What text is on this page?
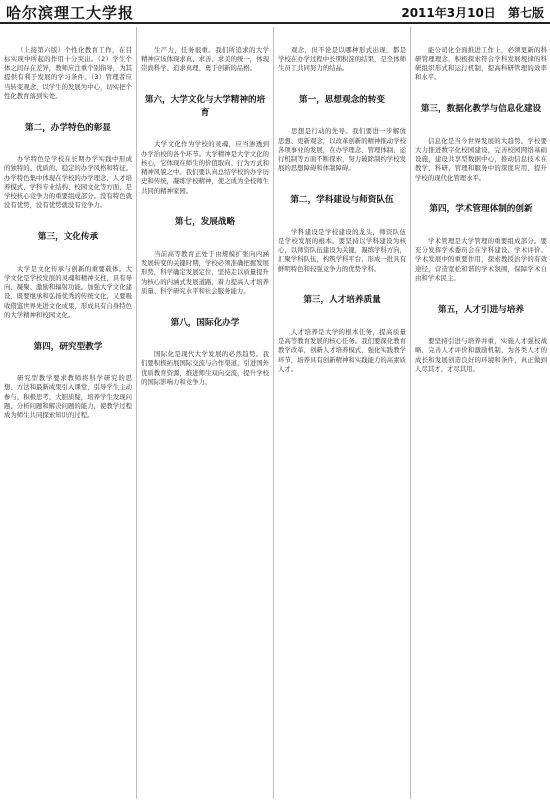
哈尔滨理工大学报	2011年3月10日 第七版

（上接第六版）个性化教育工作，在目标实现中所起的作用十分突出。（2）学生个体之间存在差异，教师应注重个别指导，为其提供有利于发展的学习条件。（3）管理者应当转变观念，以学生的发展为中心，切实把个性化教育落到实处。

第二，办学特色的彰显

办学特色是学校在长期办学实践中形成的独特的、优质的、稳定的办学风格和特征。办学特色集中体现在学校的办学理念、人才培养模式、学科专业结构、校园文化等方面，是学校核心竞争力的重要组成部分。没有特色就没有优势，没有优势就没有竞争力。

第三，文化传承

大学是文化传承与创新的重要载体。大学文化是学校发展的灵魂和精神支柱，具有导向、凝聚、激励和辐射功能。加强大学文化建设，既要继承和弘扬优秀的传统文化，又要吸收借鉴世界先进文化成果，形成具有自身特色的大学精神和校园文化。

第四，研究型教学

研究型教学要求教师将科学研究的思想、方法和最新成果引入课堂，引导学生主动参与、积极思考、大胆质疑，培养学生发现问题、分析问题和解决问题的能力，使教学过程成为师生共同探索知识的过程。

生产力，任务很重。我们所追求的大学精神应该体现求真、求善、求美的统一，体现崇尚科学、追求真理、勇于创新的品格。

第六，大学文化与大学精神的培育

大学文化作为学校的灵魂，应当渗透到办学治校的各个环节。大学精神是大学文化的核心，它体现在师生的价值取向、行为方式和精神风貌之中。我们要认真总结学校的办学历史和传统，凝练学校精神，使之成为全校师生共同的精神家园。

第七，发展战略

当前高等教育正处于由规模扩张向内涵发展转变的关键时期，学校必须准确把握发展形势，科学确定发展定位，坚持走以质量提升为核心的内涵式发展道路，着力提高人才培养质量、科学研究水平和社会服务能力。

第八，国际化办学

国际化是现代大学发展的必然趋势。我们要积极拓展国际交流与合作渠道，引进国外优质教育资源，推进师生双向交流，提升学校的国际影响力和竞争力。

观念，但不论是以哪种形式出现，都是学校在办学过程中长期积淀的结果，是全体师生员工共同努力的结晶。

第一，思想观念的转变

思想是行动的先导。我们要进一步解放思想、更新观念，以改革创新的精神推动学校各项事业的发展，在办学理念、管理体制、运行机制等方面不断探索，努力破除制约学校发展的思想障碍和体制障碍。

第二，学科建设与师资队伍

学科建设是学校建设的龙头，师资队伍是学校发展的根本。要坚持以学科建设为核心，以师资队伍建设为关键，凝练学科方向，汇聚学科队伍，构筑学科平台，形成一批具有鲜明特色和较强竞争力的优势学科。

第三，人才培养质量

人才培养是大学的根本任务，提高质量是高等教育发展的核心任务。我们要深化教育教学改革，创新人才培养模式，强化实践教学环节，培养具有创新精神和实践能力的高素质人才。

能公司化全面推进工作上，必须更新的科研管理理念，积极探索符合学科发展规律的科研组织形式和运行机制，提高科研管理的效率和水平。

第三，数据化教学与信息化建设

信息化是当今世界发展的大趋势。学校要大力推进数字化校园建设，完善校园网络基础设施，建设共享型数据中心，推动信息技术在教学、科研、管理和服务中的深度应用，提升学校的现代化管理水平。

第四，学术管理体制的创新

学术管理是大学管理的重要组成部分。要充分发挥学术委员会在学科建设、学术评价、学术发展中的重要作用，探索教授治学的有效途径，营造宽松和谐的学术氛围，保障学术自由和学术民主。

第五，人才引进与培养

要坚持引进与培养并重，实施人才强校战略，完善人才评价和激励机制，为各类人才的成长和发展创造良好的环境和条件，真正做到人尽其才、才尽其用。
